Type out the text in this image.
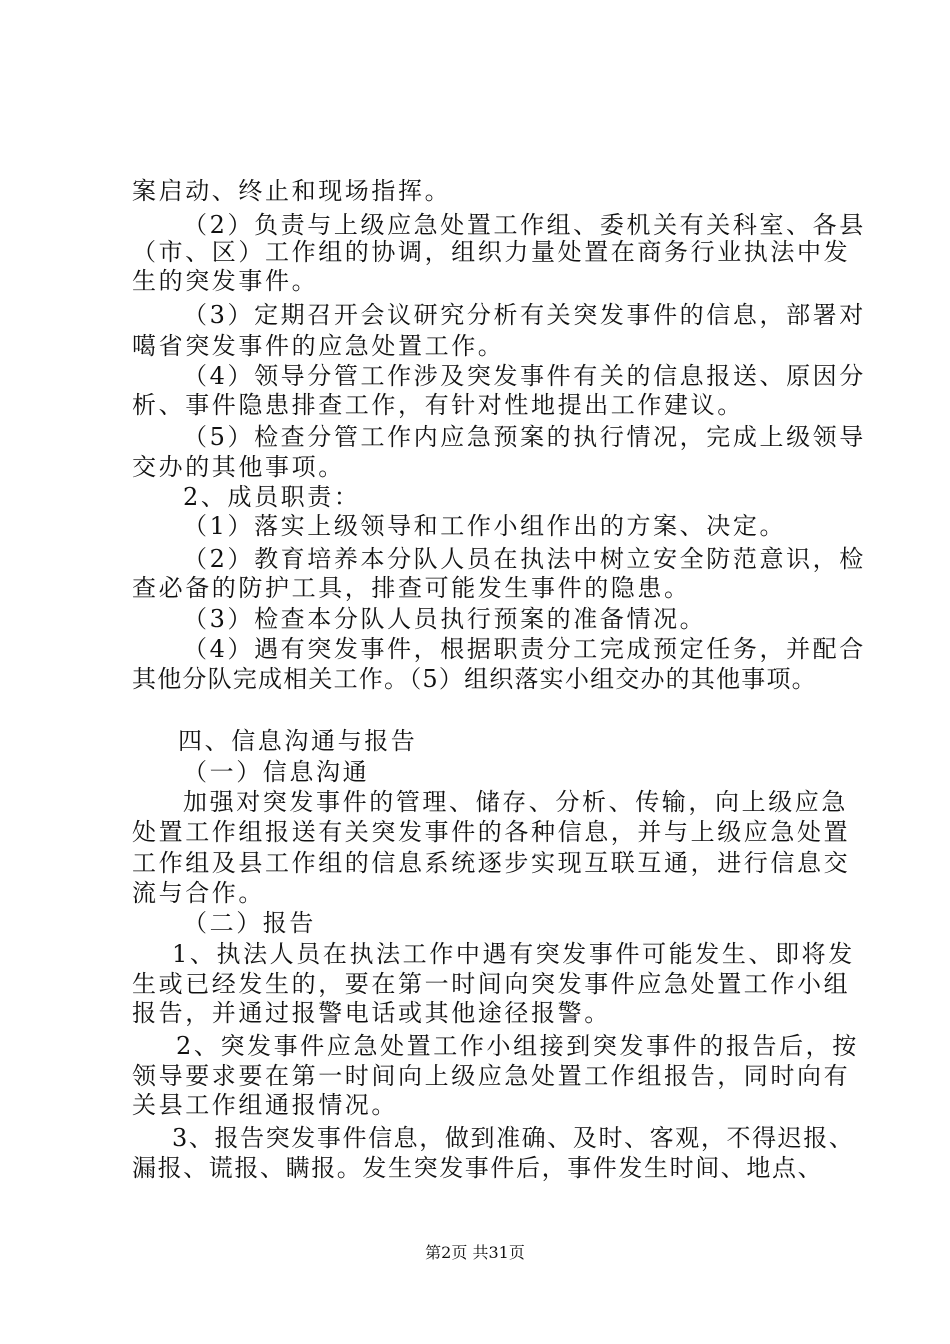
案启动、终止和现场指挥。
（2）负责与上级应急处置工作组、委机关有关科室、各县
（市、区）工作组的协调，组织力量处置在商务行业执法中发
生的突发事件。
（3）定期召开会议研究分析有关突发事件的信息，部署对
噶省突发事件的应急处置工作。
（4）领导分管工作涉及突发事件有关的信息报送、原因分
析、事件隐患排查工作，有针对性地提出工作建议。
（5）检查分管工作内应急预案的执行情况，完成上级领导
交办的其他事项。
2、成员职责：
（1）落实上级领导和工作小组作出的方案、决定。
（2）教育培养本分队人员在执法中树立安全防范意识，检
查必备的防护工具，排查可能发生事件的隐患。
（3）检查本分队人员执行预案的准备情况。
（4）遇有突发事件，根据职责分工完成预定任务，并配合
其他分队完成相关工作。（5）组织落实小组交办的其他事项。
四、信息沟通与报告
（一）信息沟通
加强对突发事件的管理、储存、分析、传输，向上级应急
处置工作组报送有关突发事件的各种信息，并与上级应急处置
工作组及县工作组的信息系统逐步实现互联互通，进行信息交
流与合作。
（二）报告
1、执法人员在执法工作中遇有突发事件可能发生、即将发
生或已经发生的，要在第一时间向突发事件应急处置工作小组
报告，并通过报警电话或其他途径报警。
2、突发事件应急处置工作小组接到突发事件的报告后，按
领导要求要在第一时间向上级应急处置工作组报告，同时向有
关县工作组通报情况。
3、报告突发事件信息，做到准确、及时、客观，不得迟报、
漏报、谎报、瞒报。发生突发事件后，事件发生时间、地点、
第2页 共31页
